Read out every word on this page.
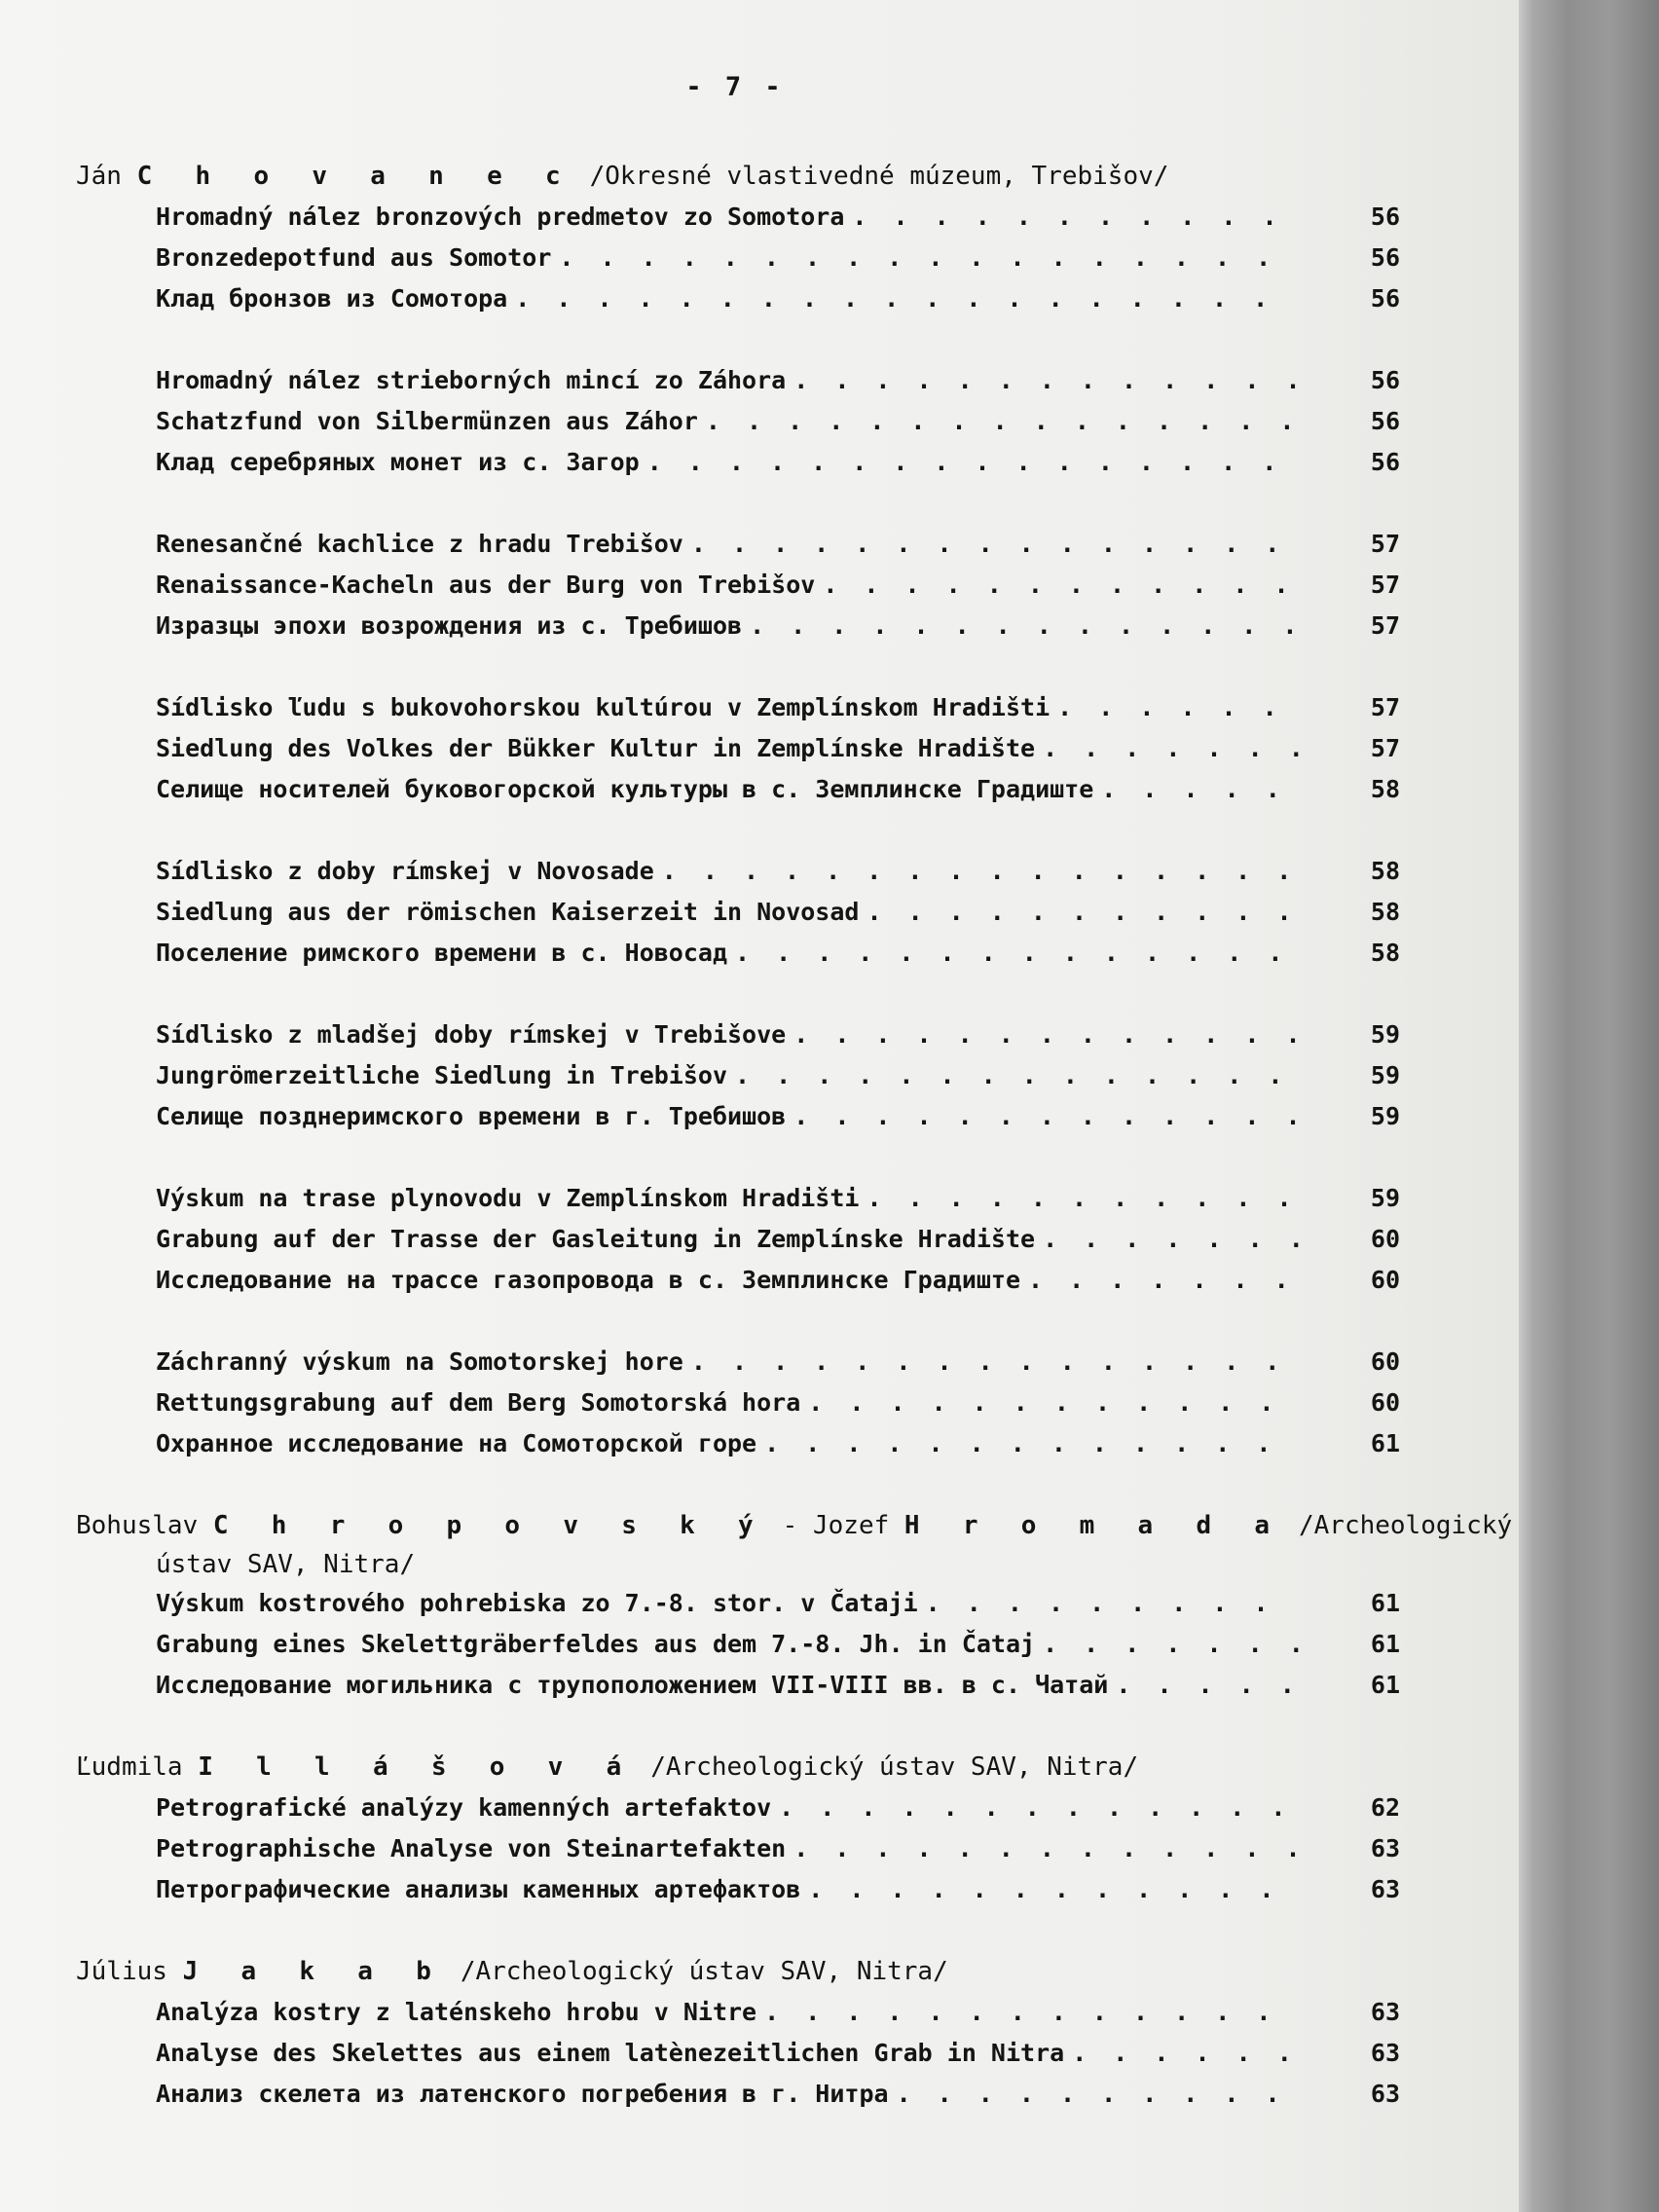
- 7 -
Ján C h o v a n e c /Okresné vlastivedné múzeum, Trebišov/
Hromadný nález bronzových predmetov zo Somotora . . .	56
Bronzedepotfund aus Somotor . . .	56
Клад бронзов из Сомотора . . .	56
Hromadný nález strieborných mincí zo Záhora . . .	56
Schatzfund von Silbermünzen aus Záhor . . .	56
Клад серебряных монет из с. Загор . . .	56
Renesančné kachlice z hradu Trebišov . . .	57
Renaissance-Kacheln aus der Burg von Trebišov . . .	57
Изразцы эпохи возрождения из с. Требишов . . .	57
Sídlisko ľudu s bukovohorskou kultúrou v Zemplínskom Hradišti . . .	57
Siedlung des Volkes der Bükker Kultur in Zemplínske Hradište . . .	57
Селище носителей буковогорской культуры в с. Земплинске Градиште . . .	58
Sídlisko z doby rímskej v Novosade . . .	58
Siedlung aus der römischen Kaiserzeit in Novosad . . .	58
Поселение римского времени в с. Новосад . . .	58
Sídlisko z mladšej doby rímskej v Trebišove . . .	59
Jungrömerzeitliche Siedlung in Trebišov . . .	59
Селище позднеримского времени в г. Требишов . . .	59
Výskum na trase plynovodu v Zemplínskom Hradišti . . .	59
Grabung auf der Trasse der Gasleitung in Zemplínske Hradište . . .	60
Исследование на трассе газопровода в с. Земплинске Градиште . . .	60
Záchranný výskum na Somotorskej hore . . .	60
Rettungsgrabung auf dem Berg Somotorská hora . . .	60
Охранное исследование на Сомоторской горе . . .	61
Bohuslav C h r o p o v s k ý - Jozef H r o m a d a /Archeologický
ústav SAV, Nitra/
Výskum kostrového pohrebiska zo 7.-8. stor. v Čataji . . .	61
Grabung eines Skelettgräberfeldes aus dem 7.-8. Jh. in Čataj . . .	61
Исследование могильника с трупоположением VII-VIII вв. в с. Чатай . . .	61
Ľudmila I l l á š o v á /Archeologický ústav SAV, Nitra/
Petrografické analýzy kamenných artefaktov . . .	62
Petrographische Analyse von Steinartefakten . . .	63
Петрографические анализы каменных артефактов . . .	63
Július J a k a b /Archeologický ústav SAV, Nitra/
Analýza kostry z laténskeho hrobu v Nitre . . .	63
Analyse des Skelettes aus einem latènezeitlichen Grab in Nitra . . .	63
Анализ скелета из латенского погребения в г. Нитра . . .	63
